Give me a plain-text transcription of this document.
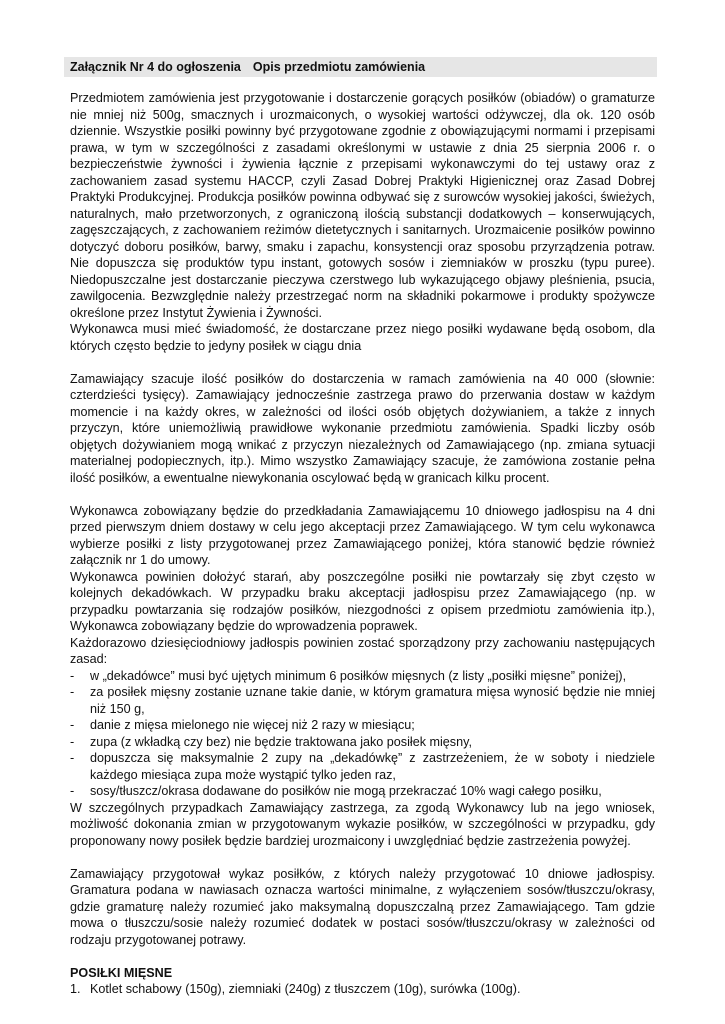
Załącznik Nr 4 do ogłoszenia Opis przedmiotu zamówienia

Przedmiotem zamówienia jest przygotowanie i dostarczenie gorących posiłków (obiadów) o gramaturze nie mniej niż 500g, smacznych i urozmaiconych, o wysokiej wartości odżywczej, dla ok. 120 osób dziennie. Wszystkie posiłki powinny być przygotowane zgodnie z obowiązującymi normami i przepisami prawa, w tym w szczególności z zasadami określonymi w ustawie z dnia 25 sierpnia 2006 r. o bezpieczeństwie żywności i żywienia łącznie z przepisami wykonawczymi do tej ustawy oraz z zachowaniem zasad systemu HACCP, czyli Zasad Dobrej Praktyki Higienicznej oraz Zasad Dobrej Praktyki Produkcyjnej. Produkcja posiłków powinna odbywać się z surowców wysokiej jakości, świeżych, naturalnych, mało przetworzonych, z ograniczoną ilością substancji dodatkowych – konserwujących, zagęszczających, z zachowaniem reżimów dietetycznych i sanitarnych. Urozmaicenie posiłków powinno dotyczyć doboru posiłków, barwy, smaku i zapachu, konsystencji oraz sposobu przyrządzenia potraw. Nie dopuszcza się produktów typu instant, gotowych sosów i ziemniaków w proszku (typu puree). Niedopuszczalne jest dostarczanie pieczywa czerstwego lub wykazującego objawy pleśnienia, psucia, zawilgocenia. Bezwzględnie należy przestrzegać norm na składniki pokarmowe i produkty spożywcze określone przez Instytut Żywienia i Żywności.

Wykonawca musi mieć świadomość, że dostarczane przez niego posiłki wydawane będą osobom, dla których często będzie to jedyny posiłek w ciągu dnia

Zamawiający szacuje ilość posiłków do dostarczenia w ramach zamówienia na 40 000 (słownie: czterdzieści tysięcy). Zamawiający jednocześnie zastrzega prawo do przerwania dostaw w każdym momencie i na każdy okres, w zależności od ilości osób objętych dożywianiem, a także z innych przyczyn, które uniemożliwią prawidłowe wykonanie przedmiotu zamówienia. Spadki liczby osób objętych dożywianiem mogą wnikać z przyczyn niezależnych od Zamawiającego (np. zmiana sytuacji materialnej podopiecznych, itp.). Mimo wszystko Zamawiający szacuje, że zamówiona zostanie pełna ilość posiłków, a ewentualne niewykonania oscylować będą w granicach kilku procent.

Wykonawca zobowiązany będzie do przedkładania Zamawiającemu 10 dniowego jadłospisu na 4 dni przed pierwszym dniem dostawy w celu jego akceptacji przez Zamawiającego. W tym celu wykonawca wybierze posiłki z listy przygotowanej przez Zamawiającego poniżej, która stanowić będzie również załącznik nr 1 do umowy.

Wykonawca powinien dołożyć starań, aby poszczególne posiłki nie powtarzały się zbyt często w kolejnych dekadówkach. W przypadku braku akceptacji jadłospisu przez Zamawiającego (np. w przypadku powtarzania się rodzajów posiłków, niezgodności z opisem przedmiotu zamówienia itp.), Wykonawca zobowiązany będzie do wprowadzenia poprawek.

Każdorazowo dziesięciodniowy jadłospis powinien zostać sporządzony przy zachowaniu następujących zasad:

- w „dekadówce” musi być ujętych minimum 6 posiłków mięsnych (z listy „posiłki mięsne” poniżej),
- za posiłek mięsny zostanie uznane takie danie, w którym gramatura mięsa wynosić będzie nie mniej niż 150 g,
- danie z mięsa mielonego nie więcej niż 2 razy w miesiącu;
- zupa (z wkładką czy bez) nie będzie traktowana jako posiłek mięsny,
- dopuszcza się maksymalnie 2 zupy na „dekadówkę” z zastrzeżeniem, że w soboty i niedziele każdego miesiąca zupa może wystąpić tylko jeden raz,
- sosy/tłuszcz/okrasa dodawane do posiłków nie mogą przekraczać 10% wagi całego posiłku,

W szczególnych przypadkach Zamawiający zastrzega, za zgodą Wykonawcy lub na jego wniosek, możliwość dokonania zmian w przygotowanym wykazie posiłków, w szczególności w przypadku, gdy proponowany nowy posiłek będzie bardziej urozmaicony i uwzględniać będzie zastrzeżenia powyżej.

Zamawiający przygotował wykaz posiłków, z których należy przygotować 10 dniowe jadłospisy. Gramatura podana w nawiasach oznacza wartości minimalne, z wyłączeniem sosów/tłuszczu/okrasy, gdzie gramaturę należy rozumieć jako maksymalną dopuszczalną przez Zamawiającego. Tam gdzie mowa o tłuszczu/sosie należy rozumieć dodatek w postaci sosów/tłuszczu/okrasy w zależności od rodzaju przygotowanej potrawy.

POSIŁKI MIĘSNE

1. Kotlet schabowy (150g), ziemniaki (240g) z tłuszczem (10g), surówka (100g).
